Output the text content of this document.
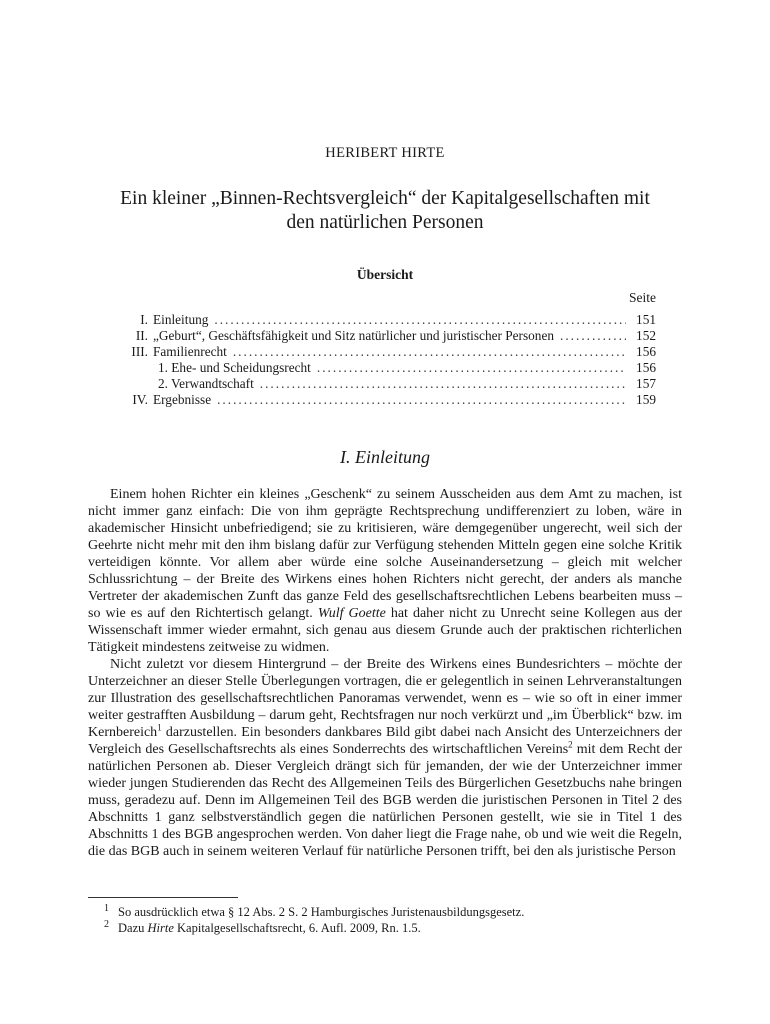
HERIBERT HIRTE
Ein kleiner „Binnen-Rechtsvergleich“ der Kapitalgesellschaften mit
den natürlichen Personen
Übersicht
Seite
I. Einleitung .....	151
II. „Geburt“, Geschäftsfähigkeit und Sitz natürlicher und juristischer Personen .....	152
III. Familienrecht .....	156
1. Ehe- und Scheidungsrecht .....	156
2. Verwandtschaft .....	157
IV. Ergebnisse .....	159
I. Einleitung

Einem hohen Richter ein kleines „Geschenk“ zu seinem Ausscheiden aus dem Amt zu machen, ist nicht immer ganz einfach: Die von ihm geprägte Rechtsprechung undifferenziert zu loben, wäre in akademischer Hinsicht unbefriedigend; sie zu kritisieren, wäre demgegenüber ungerecht, weil sich der Geehrte nicht mehr mit den ihm bislang dafür zur Verfügung stehenden Mitteln gegen eine solche Kritik verteidigen könnte. Vor allem aber würde eine solche Auseinandersetzung – gleich mit welcher Schlussrichtung – der Breite des Wirkens eines hohen Richters nicht gerecht, der anders als manche Vertreter der akademischen Zunft das ganze Feld des gesellschaftsrechtlichen Lebens bearbeiten muss – so wie es auf den Richtertisch gelangt. Wulf Goette hat daher nicht zu Unrecht seine Kollegen aus der Wissenschaft immer wieder ermahnt, sich genau aus diesem Grunde auch der praktischen richterlichen Tätigkeit mindestens zeitweise zu widmen.

Nicht zuletzt vor diesem Hintergrund – der Breite des Wirkens eines Bundesrichters – möchte der Unterzeichner an dieser Stelle Überlegungen vortragen, die er gelegentlich in seinen Lehrveranstaltungen zur Illustration des gesellschaftsrechtlichen Panoramas verwendet, wenn es – wie so oft in einer immer weiter gestrafften Ausbildung – darum geht, Rechtsfragen nur noch verkürzt und „im Überblick“ bzw. im Kernbereich$^1$ darzustellen. Ein besonders dankbares Bild gibt dabei nach Ansicht des Unterzeichners der Vergleich des Gesellschaftsrechts als eines Sonderrechts des wirtschaftlichen Vereins$^2$ mit dem Recht der natürlichen Personen ab. Dieser Vergleich drängt sich für jemanden, der wie der Unterzeichner immer wieder jungen Studierenden das Recht des Allgemeinen Teils des Bürgerlichen Gesetzbuchs nahe bringen muss, geradezu auf. Denn im Allgemeinen Teil des BGB werden die juristischen Personen in Titel 2 des Abschnitts 1 ganz selbstverständlich gegen die natürlichen Personen gestellt, wie sie in Titel 1 des Abschnitts 1 des BGB angesprochen werden. Von daher liegt die Frage nahe, ob und wie weit die Regeln, die das BGB auch in seinem weiteren Verlauf für natürliche Personen trifft, bei den als juristische Person

1 So ausdrücklich etwa § 12 Abs. 2 S. 2 Hamburgisches Juristenausbildungsgesetz.
2 Dazu Hirte Kapitalgesellschaftsrecht, 6. Aufl. 2009, Rn. 1.5.
